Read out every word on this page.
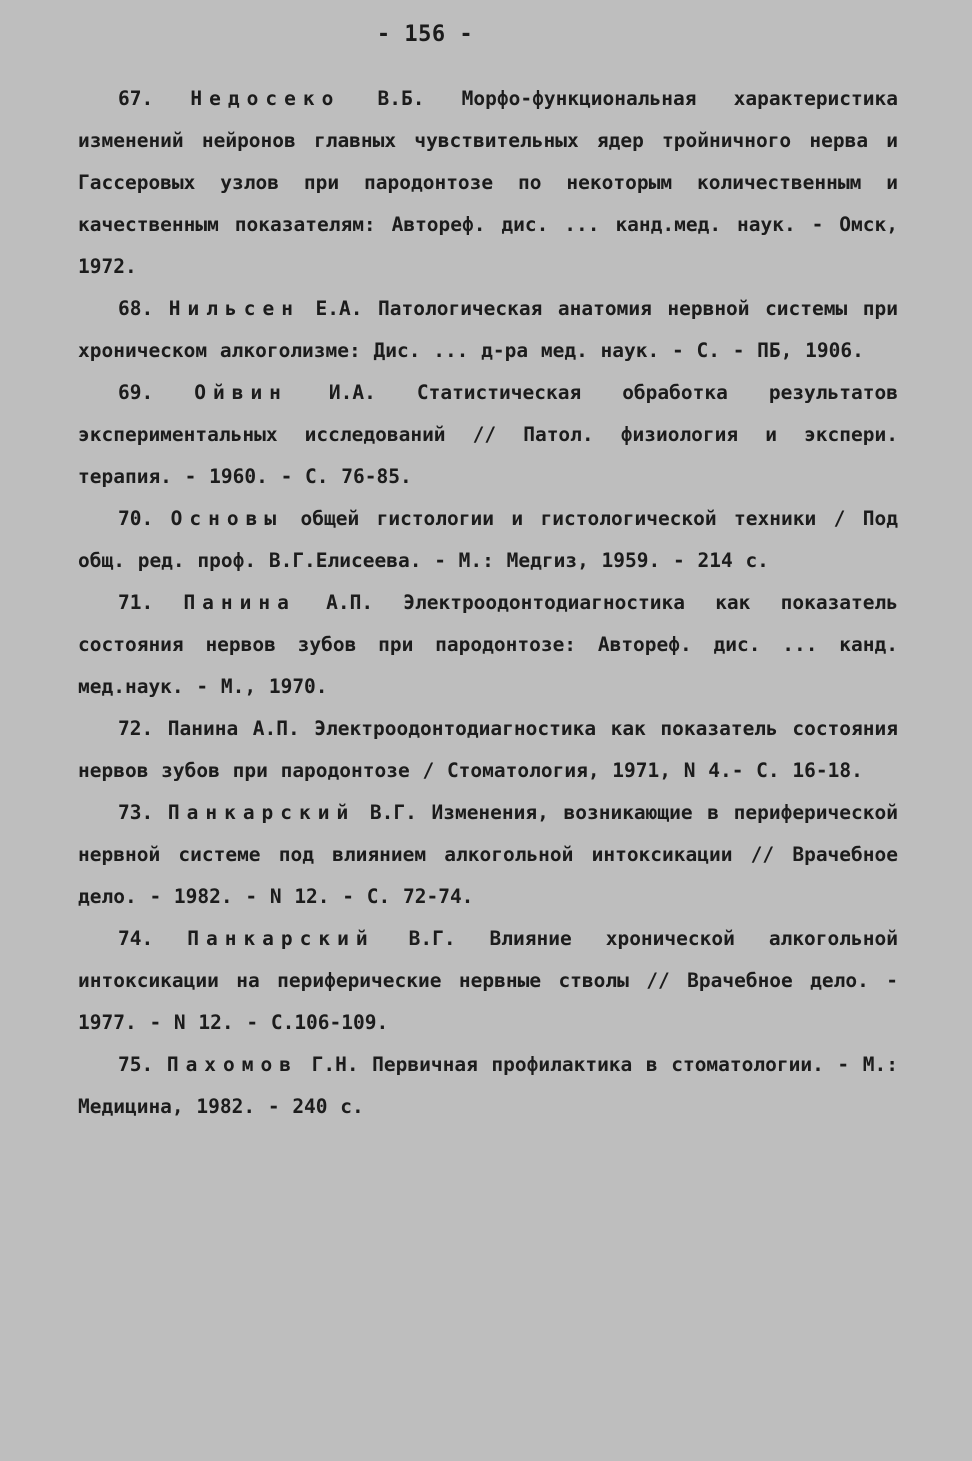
- 156 -

67. Недосеко В.Б. Морфо-функциональная характеристика изменений нейронов главных чувствительных ядер тройничного нерва и Гассеровых узлов при пародонтозе по некоторым количественным и качественным показателям: Автореф. дис. ... канд.мед. наук. - Омск, 1972.

68. Нильсен Е.А. Патологическая анатомия нервной системы при хроническом алкоголизме: Дис. ... д-ра мед. наук. - С. - ПБ, 1906.

69. Ойвин И.А. Статистическая обработка результатов экспериментальных исследований // Патол. физиология и экспери. терапия. - 1960. - С. 76-85.

70. Основы общей гистологии и гистологической техники / Под общ. ред. проф. В.Г.Елисеева. - М.: Медгиз, 1959. - 214 с.

71. Панина А.П. Электроодонтодиагностика как показатель состояния нервов зубов при пародонтозе: Автореф. дис. ... канд. мед.наук. - М., 1970.

72. Панина А.П. Электроодонтодиагностика как показатель состояния нервов зубов при пародонтозе / Стоматология, 1971, N 4.- С. 16-18.

73. Панкарский В.Г. Изменения, возникающие в периферической нервной системе под влиянием алкогольной интоксикации // Врачебное дело. - 1982. - N 12. - С. 72-74.

74. Панкарский В.Г. Влияние хронической алкогольной интоксикации на периферические нервные стволы // Врачебное дело. - 1977. - N 12. - С.106-109.

75. Пахомов Г.Н. Первичная профилактика в стоматологии. - М.: Медицина, 1982. - 240 с.
